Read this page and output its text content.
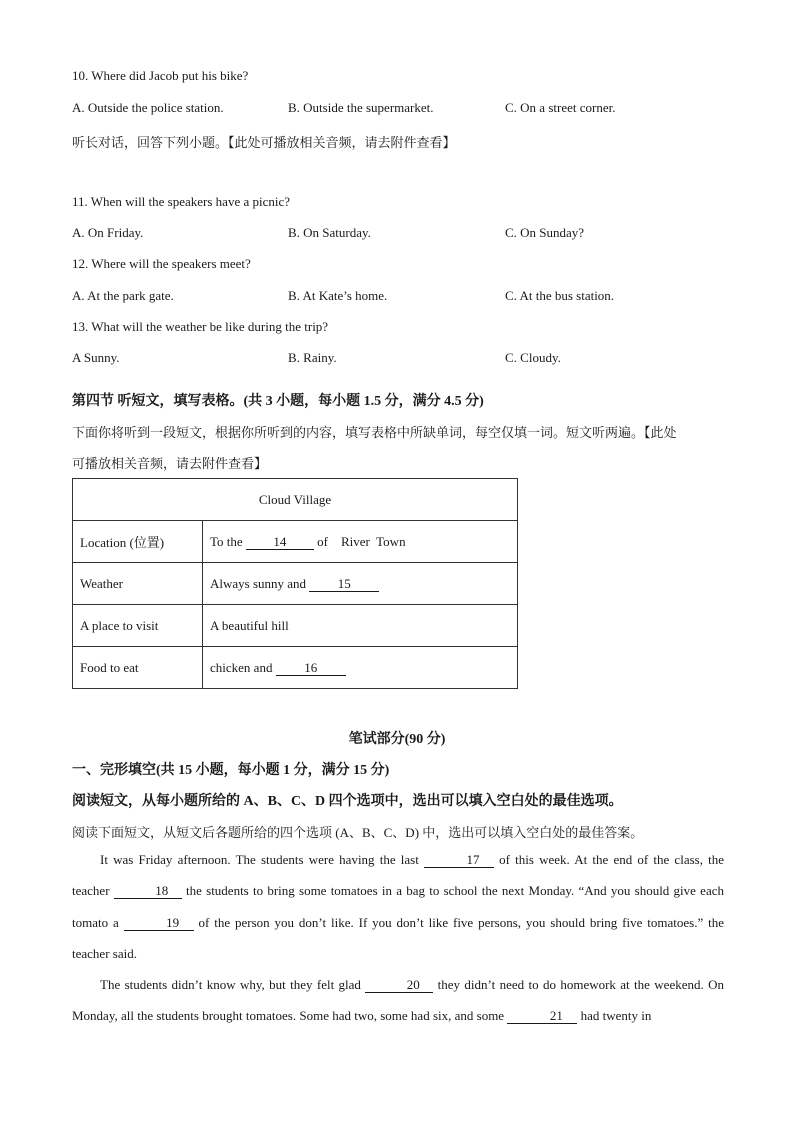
10. Where did Jacob put his bike?
A. Outside the police station.	B. Outside the supermarket.	C. On a street corner.
听长对话，回答下列小题。【此处可播放相关音频，请去附件查看】
11. When will the speakers have a picnic?
A. On Friday.	B. On Saturday.	C. On Sunday?
12. Where will the speakers meet?
A. At the park gate.	B. At Kate’s home.	C. At the bus station.
13. What will the weather be like during the trip?
A Sunny.	B. Rainy.	C. Cloudy.
第四节 听短文，填写表格。(共 3 小题，每小题 1.5 分，满分 4.5 分)
下面你将听到一段短文，根据你所听到的内容，填写表格中所缺单词，每空仅填一词。短文听两遍。【此处
可播放相关音频，请去附件查看】
Cloud Village	
Location (位置)	To the 14 of    River  Town
Weather	Always sunny and 15
A place to visit	A beautiful hill
Food to eat	chicken and 16
笔试部分(90 分)
一、完形填空(共 15 小题，每小题 1 分，满分 15 分)
阅读短文，从每小题所给的 A、B、C、D 四个选项中，选出可以填入空白处的最佳选项。
阅读下面短文，从短文后各题所给的四个选项 (A、B、C、D) 中，选出可以填入空白处的最佳答案。
It was Friday afternoon. The students were having the last	17 of this week. At the end of the class, the teacher	18 the students to bring some tomatoes in a bag to school the next Monday. “And you should give each tomato a	19 of the person you don’t like. If you don’t like five persons, you should bring five tomatoes.” the teacher said.
The students didn’t know why, but they felt glad	20 they didn’t need to do homework at the weekend. On Monday, all the students brought tomatoes. Some had two, some had six, and some	21 had twenty in
